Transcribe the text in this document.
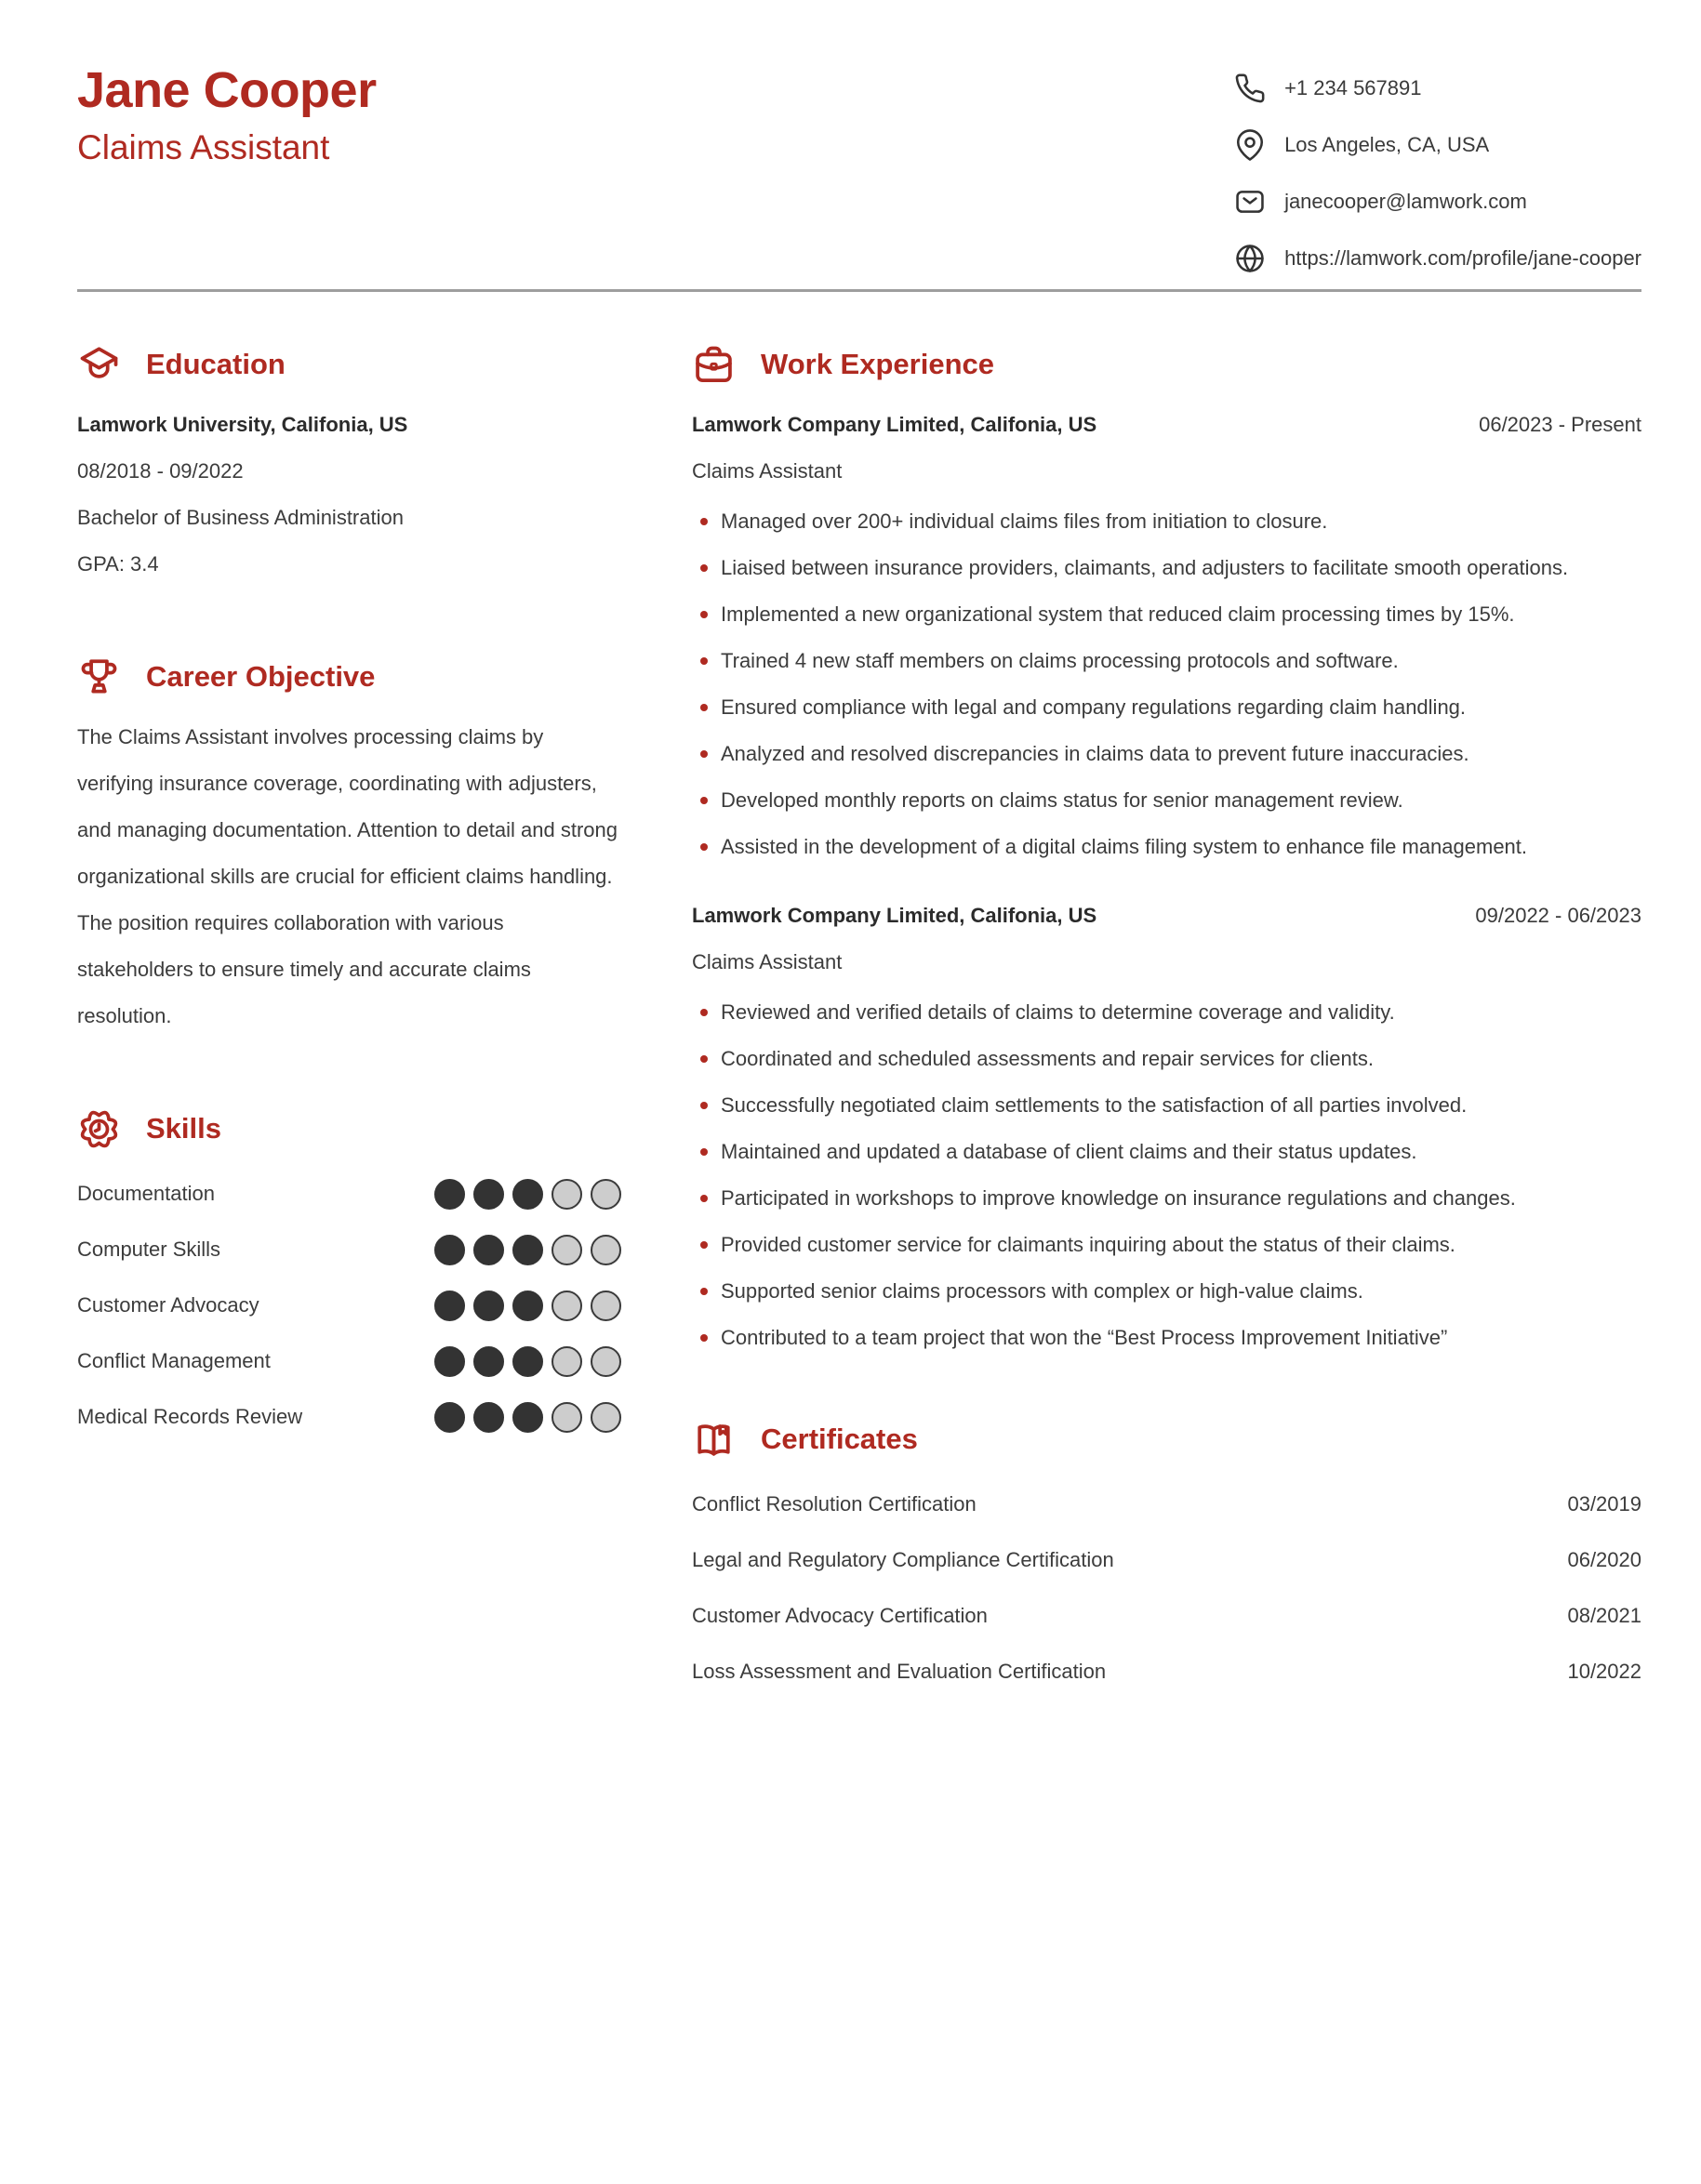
Jane Cooper
Claims Assistant
+1 234 567891
Los Angeles, CA, USA
janecooper@lamwork.com
https://lamwork.com/profile/jane-cooper
Education
Lamwork University, Califonia, US
08/2018 - 09/2022
Bachelor of Business Administration
GPA: 3.4
Career Objective

The Claims Assistant involves processing claims by verifying insurance coverage, coordinating with adjusters, and managing documentation. Attention to detail and strong organizational skills are crucial for efficient claims handling. The position requires collaboration with various stakeholders to ensure timely and accurate claims resolution.

Skills
Documentation
Computer Skills
Customer Advocacy
Conflict Management
Medical Records Review
Work Experience
Lamwork Company Limited, Califonia, US	06/2023 - Present
Claims Assistant
Managed over 200+ individual claims files from initiation to closure.
Liaised between insurance providers, claimants, and adjusters to facilitate smooth operations.
Implemented a new organizational system that reduced claim processing times by 15%.
Trained 4 new staff members on claims processing protocols and software.
Ensured compliance with legal and company regulations regarding claim handling.
Analyzed and resolved discrepancies in claims data to prevent future inaccuracies.
Developed monthly reports on claims status for senior management review.
Assisted in the development of a digital claims filing system to enhance file management.
Lamwork Company Limited, Califonia, US	09/2022 - 06/2023
Claims Assistant
Reviewed and verified details of claims to determine coverage and validity.
Coordinated and scheduled assessments and repair services for clients.
Successfully negotiated claim settlements to the satisfaction of all parties involved.
Maintained and updated a database of client claims and their status updates.
Participated in workshops to improve knowledge on insurance regulations and changes.
Provided customer service for claimants inquiring about the status of their claims.
Supported senior claims processors with complex or high-value claims.
Contributed to a team project that won the “Best Process Improvement Initiative”
Certificates
Conflict Resolution Certification	03/2019
Legal and Regulatory Compliance Certification	06/2020
Customer Advocacy Certification	08/2021
Loss Assessment and Evaluation Certification	10/2022
